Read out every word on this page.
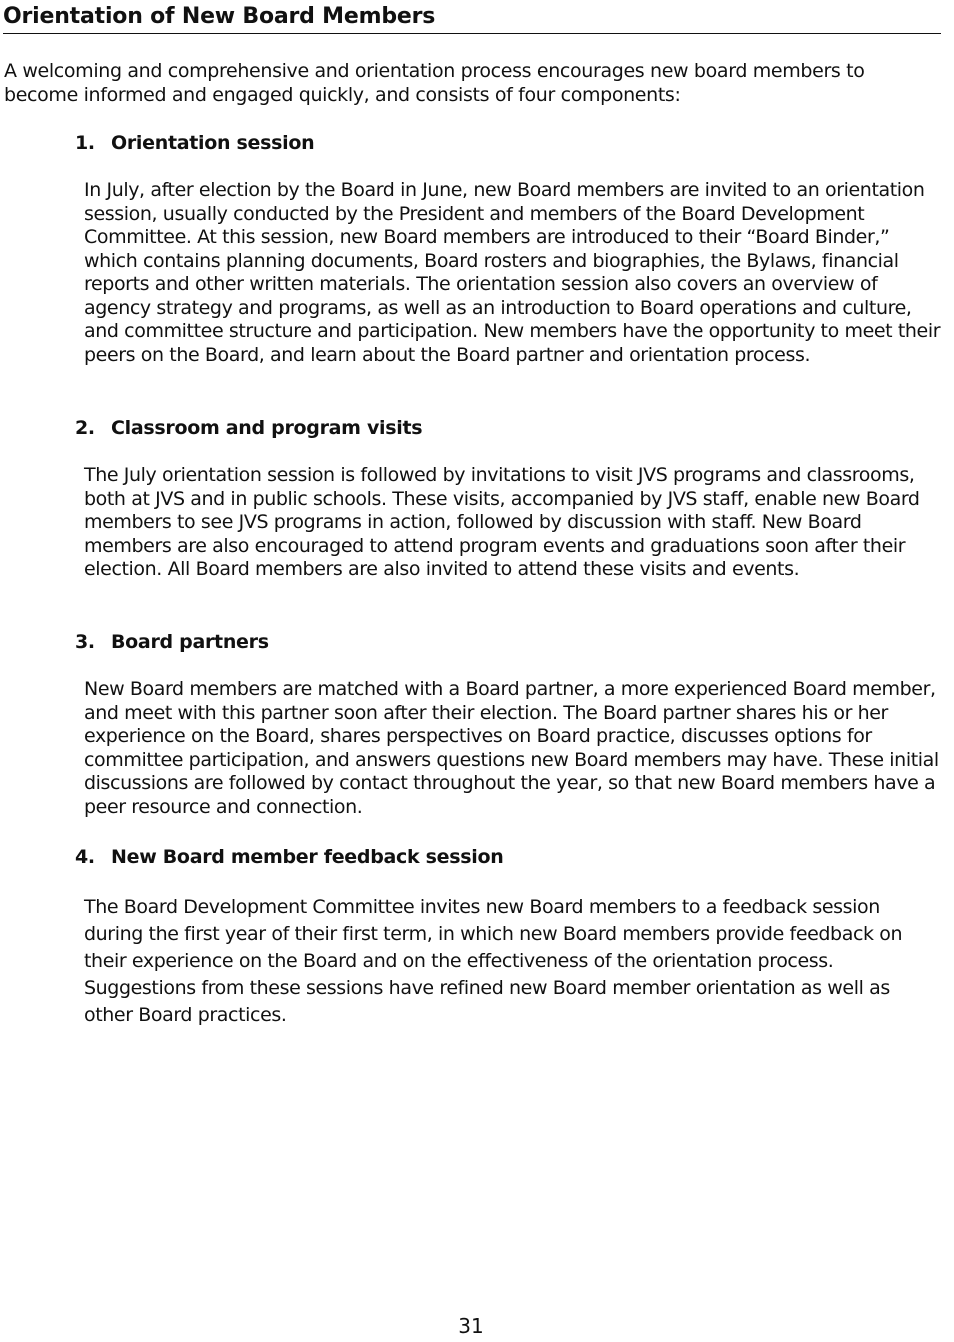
Orientation of New Board Members

A welcoming and comprehensive and orientation process encourages new board members to become informed and engaged quickly, and consists of four components:

1. Orientation session

In July, after election by the Board in June, new Board members are invited to an orientation session, usually conducted by the President and members of the Board Development Committee. At this session, new Board members are introduced to their “Board Binder,” which contains planning documents, Board rosters and biographies, the Bylaws, financial reports and other written materials. The orientation session also covers an overview of agency strategy and programs, as well as an introduction to Board operations and culture, and committee structure and participation. New members have the opportunity to meet their peers on the Board, and learn about the Board partner and orientation process.

2. Classroom and program visits

The July orientation session is followed by invitations to visit JVS programs and classrooms, both at JVS and in public schools. These visits, accompanied by JVS staff, enable new Board members to see JVS programs in action, followed by discussion with staff. New Board members are also encouraged to attend program events and graduations soon after their election. All Board members are also invited to attend these visits and events.

3. Board partners

New Board members are matched with a Board partner, a more experienced Board member, and meet with this partner soon after their election. The Board partner shares his or her experience on the Board, shares perspectives on Board practice, discusses options for committee participation, and answers questions new Board members may have. These initial discussions are followed by contact throughout the year, so that new Board members have a peer resource and connection.

4. New Board member feedback session

The Board Development Committee invites new Board members to a feedback session during the first year of their first term, in which new Board members provide feedback on their experience on the Board and on the effectiveness of the orientation process. Suggestions from these sessions have refined new Board member orientation as well as other Board practices.

31
